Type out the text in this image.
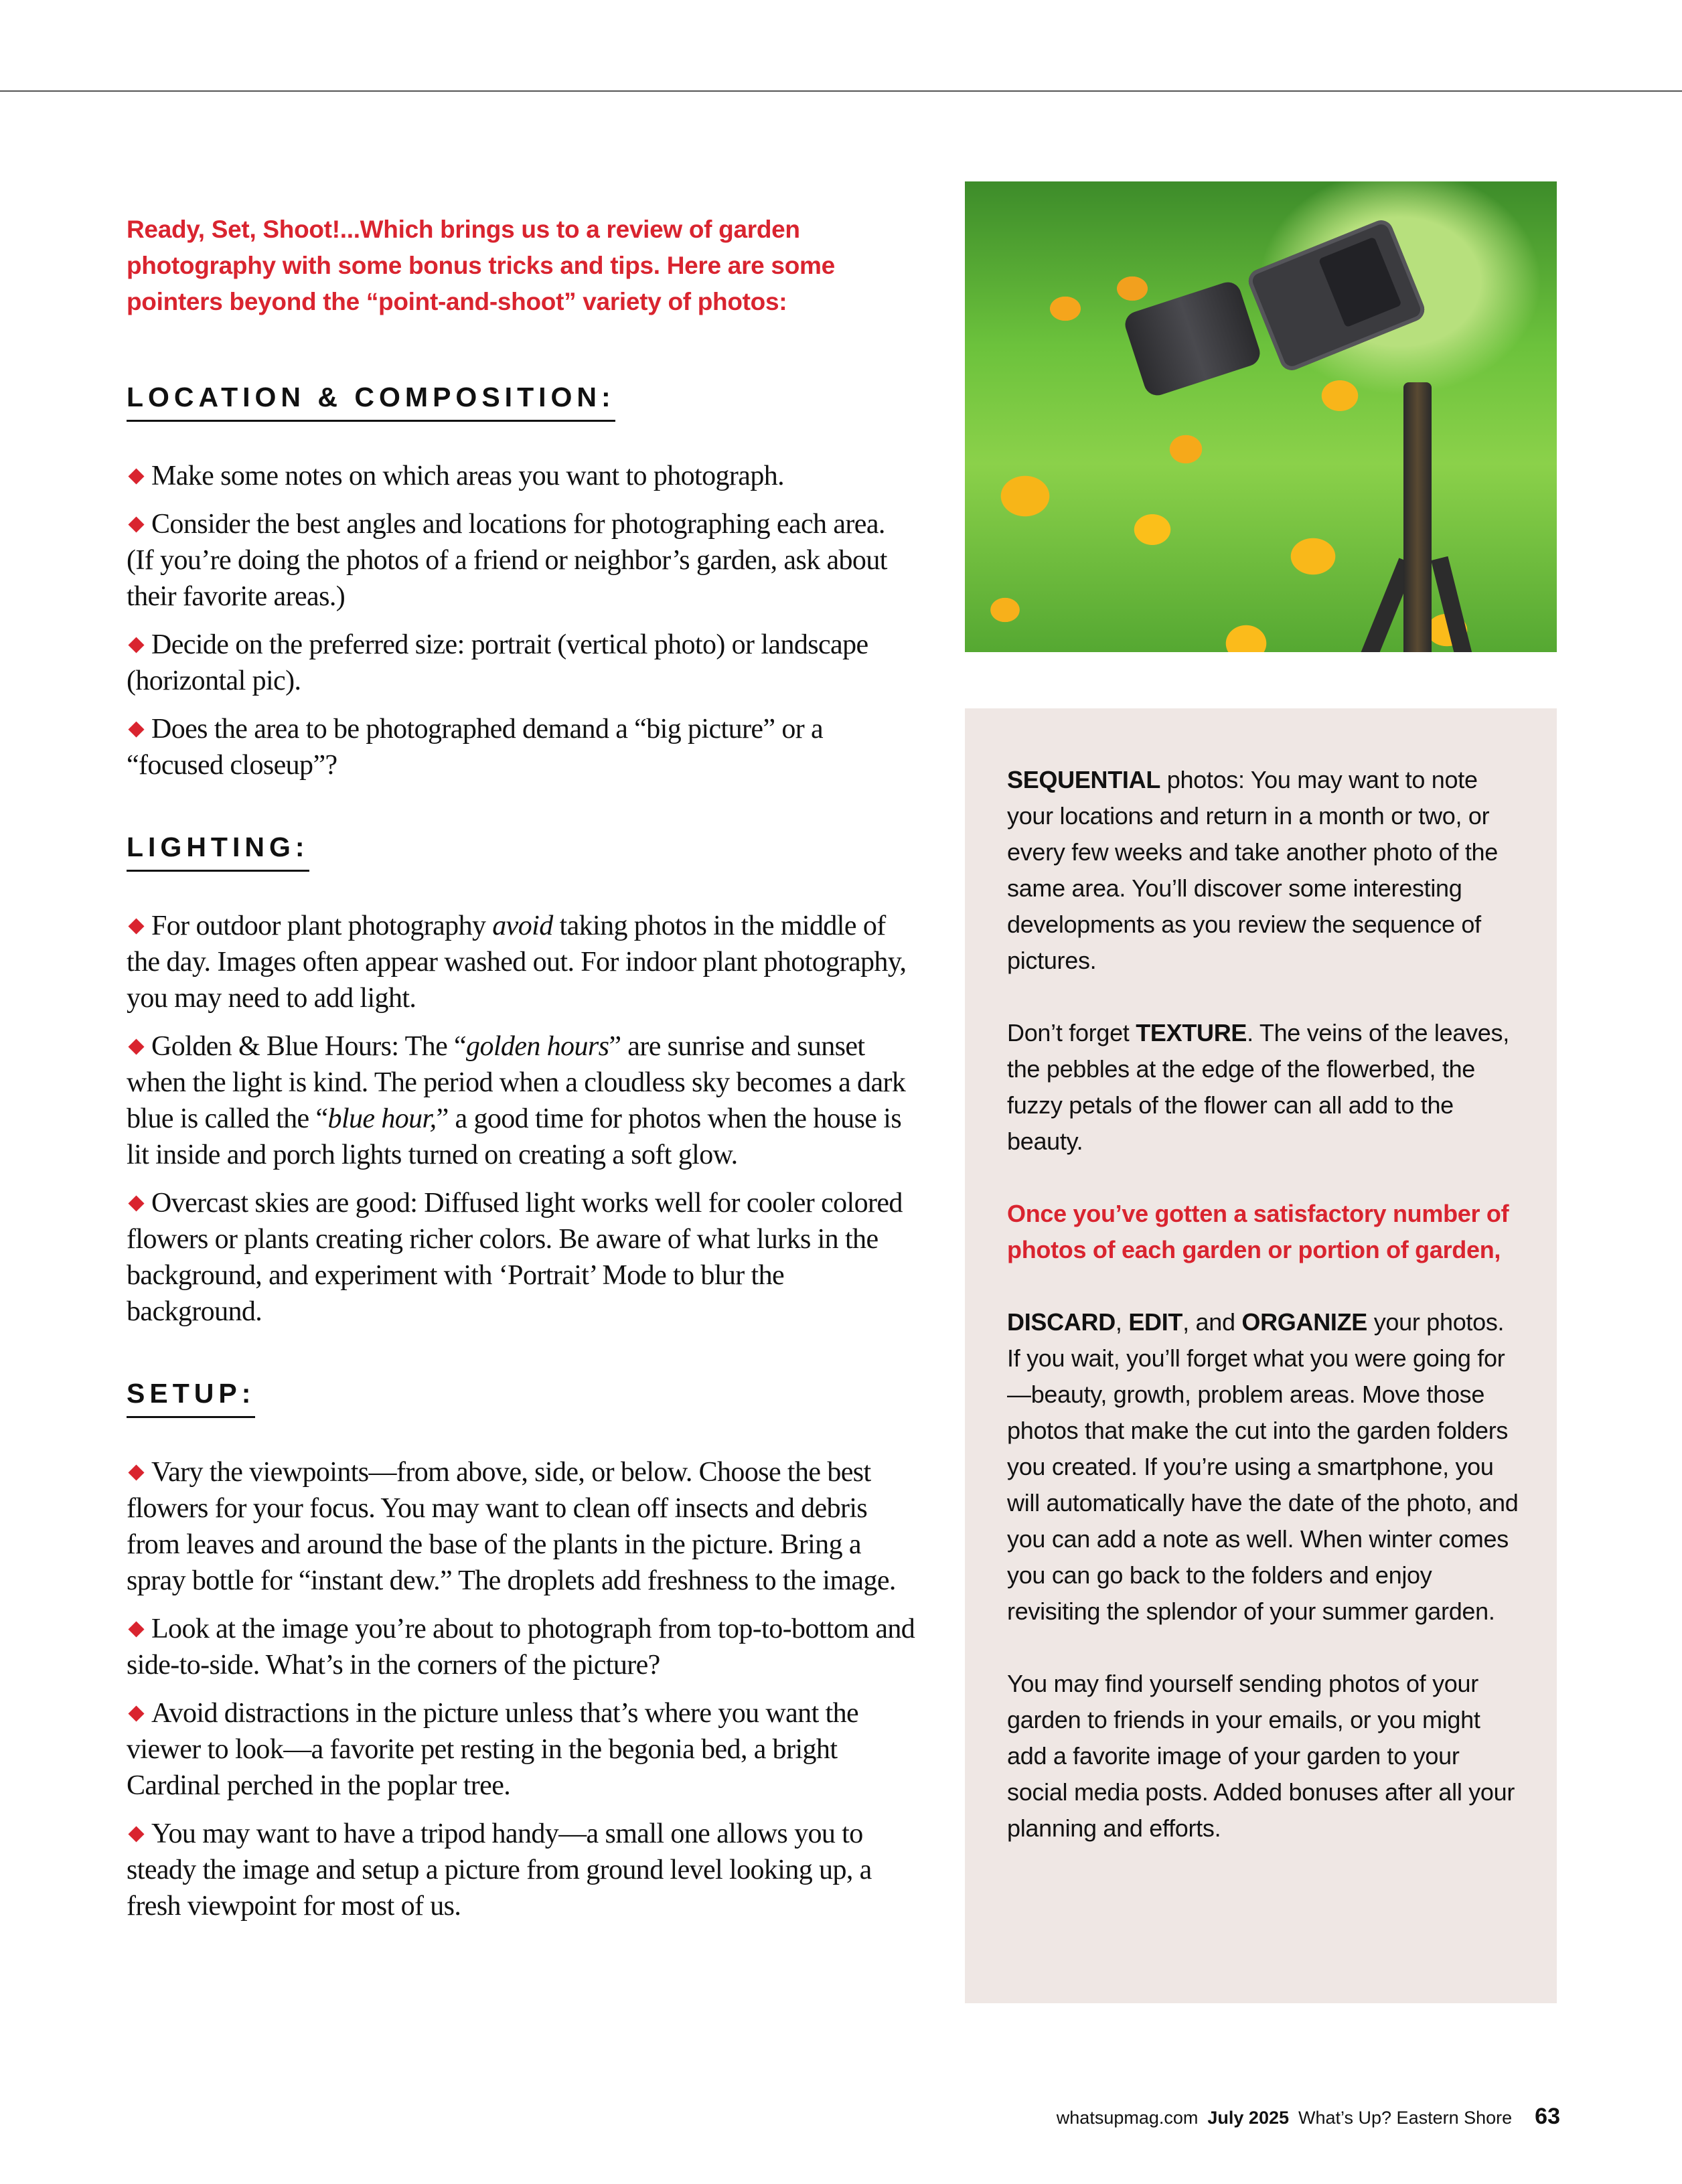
Ready, Set, Shoot!...Which brings us to a review of garden photography with some bonus tricks and tips. Here are some pointers beyond the “point-and-shoot” variety of photos:

LOCATION & COMPOSITION:
Make some notes on which areas you want to photograph.
Consider the best angles and locations for photographing each area. (If you’re doing the photos of a friend or neighbor’s garden, ask about their favorite areas.)
Decide on the preferred size: portrait (vertical photo) or landscape (horizontal pic).
Does the area to be photographed demand a “big picture” or a “focused closeup”?
LIGHTING:
For outdoor plant photography avoid taking photos in the middle of the day. Images often appear washed out. For indoor plant photography, you may need to add light.
Golden & Blue Hours: The “golden hours” are sunrise and sunset when the light is kind. The period when a cloudless sky becomes a dark blue is called the “blue hour,” a good time for photos when the house is lit inside and porch lights turned on creating a soft glow.
Overcast skies are good: Diffused light works well for cooler colored flowers or plants creating richer colors. Be aware of what lurks in the background, and experiment with ‘Portrait’ Mode to blur the background.
SETUP:
Vary the viewpoints—from above, side, or below. Choose the best flowers for your focus. You may want to clean off insects and debris from leaves and around the base of the plants in the picture. Bring a spray bottle for “instant dew.” The droplets add freshness to the image.
Look at the image you’re about to photograph from top-to-bottom and side-to-side. What’s in the corners of the picture?
Avoid distractions in the picture unless that’s where you want the viewer to look—a favorite pet resting in the begonia bed, a bright Cardinal perched in the poplar tree.
You may want to have a tripod handy—a small one allows you to steady the image and setup a picture from ground level looking up, a fresh viewpoint for most of us.

SEQUENTIAL photos: You may want to note your locations and return in a month or two, or every few weeks and take another photo of the same area. You’ll discover some interesting developments as you review the sequence of pictures.

Don’t forget TEXTURE. The veins of the leaves, the pebbles at the edge of the flowerbed, the fuzzy petals of the flower can all add to the beauty.

Once you’ve gotten a satisfactory number of photos of each garden or portion of garden,

DISCARD, EDIT, and ORGANIZE your photos. If you wait, you’ll forget what you were going for—beauty, growth, problem areas. Move those photos that make the cut into the garden folders you created. If you’re using a smartphone, you will automatically have the date of the photo, and you can add a note as well. When winter comes you can go back to the folders and enjoy revisiting the splendor of your summer garden.

You may find yourself sending photos of your garden to friends in your emails, or you might add a favorite image of your garden to your social media posts. Added bonuses after all your planning and efforts.

whatsupmag.com July 2025 What’s Up? Eastern Shore 63
